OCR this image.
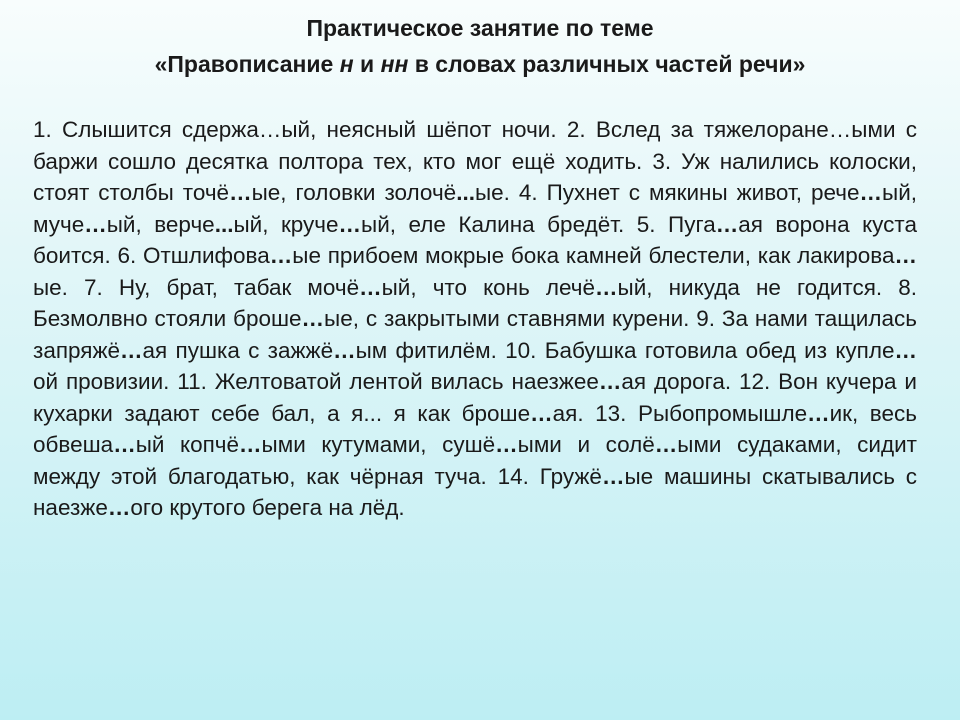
Практическое занятие по теме
«Правописание н и нн в словах различных частей речи»
1. Слышится сдержа…ый, неясный шёпот ночи. 2. Вслед за тяжелоране…ыми с баржи сошло десятка полтора тех, кто мог ещё ходить. 3. Уж налились колоски, стоят столбы точё…ые, головки золочё...ые. 4. Пухнет с мякины живот, рече…ый, муче…ый, верче...ый, круче…ый, еле Калина бредёт. 5. Пуга…ая ворона куста боится. 6. Отшлифова…ые прибоем мокрые бока камней блестели, как лакирова…ые. 7. Ну, брат, табак мочё…ый, что конь лечё…ый, никуда не годится. 8. Безмолвно стояли броше…ые, с закрытыми ставнями курени. 9. За нами тащилась запряжё…ая пушка с зажжё…ым фитилём. 10. Бабушка готовила обед из купле…ой провизии. 11. Желтоватой лентой вилась наезжее…ая дорога. 12. Вон кучера и кухарки задают себе бал, а я... я как броше…ая. 13. Рыбопромышле…ик, весь обвеша…ый копчё…ыми кутумами, сушё…ыми и солё…ыми судаками, сидит между этой благодатью, как чёрная туча. 14. Гружё…ые машины скатывались с наезже…ого крутого берега на лёд.
